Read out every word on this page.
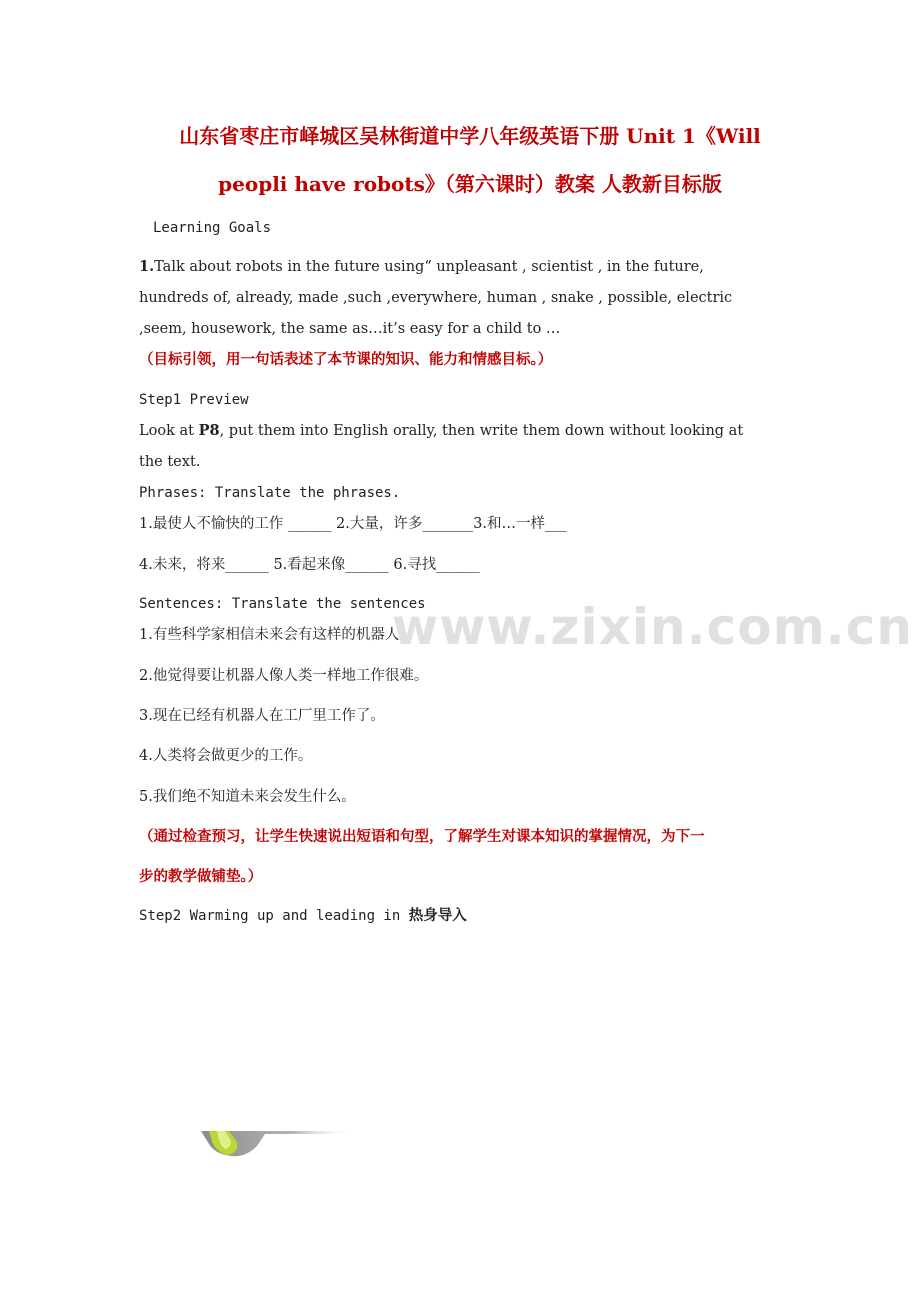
山东省枣庄市峄城区吴林街道中学八年级英语下册 Unit 1《Will
peopli have robots》（第六课时）教案 人教新目标版
Learning Goals
1.Talk about robots in the future using“ unpleasant , scientist , in the future,
hundreds of, already, made ,such ,everywhere, human , snake , possible, electric
,seem, housework, the same as…it’s easy for a child to …
（目标引领，用一句话表述了本节课的知识、能力和情感目标。）
Step1 Preview
Look at P8, put them into English orally, then write them down without looking at
the text.
Phrases: Translate the phrases.
1.最使人不愉快的工作 ______ 2.大量，许多_______3.和…一样___
4.未来，将来______ 5.看起来像______ 6.寻找______
Sentences: Translate the sentences
1.有些科学家相信未来会有这样的机器人。
2.他觉得要让机器人像人类一样地工作很难。
3.现在已经有机器人在工厂里工作了。
4.人类将会做更少的工作。
5.我们绝不知道未来会发生什么。
（通过检查预习，让学生快速说出短语和句型，了解学生对课本知识的掌握情况，为下一
步的教学做铺垫。）
Step2 Warming up and leading in 热身导入
www.zixin.com.cn
